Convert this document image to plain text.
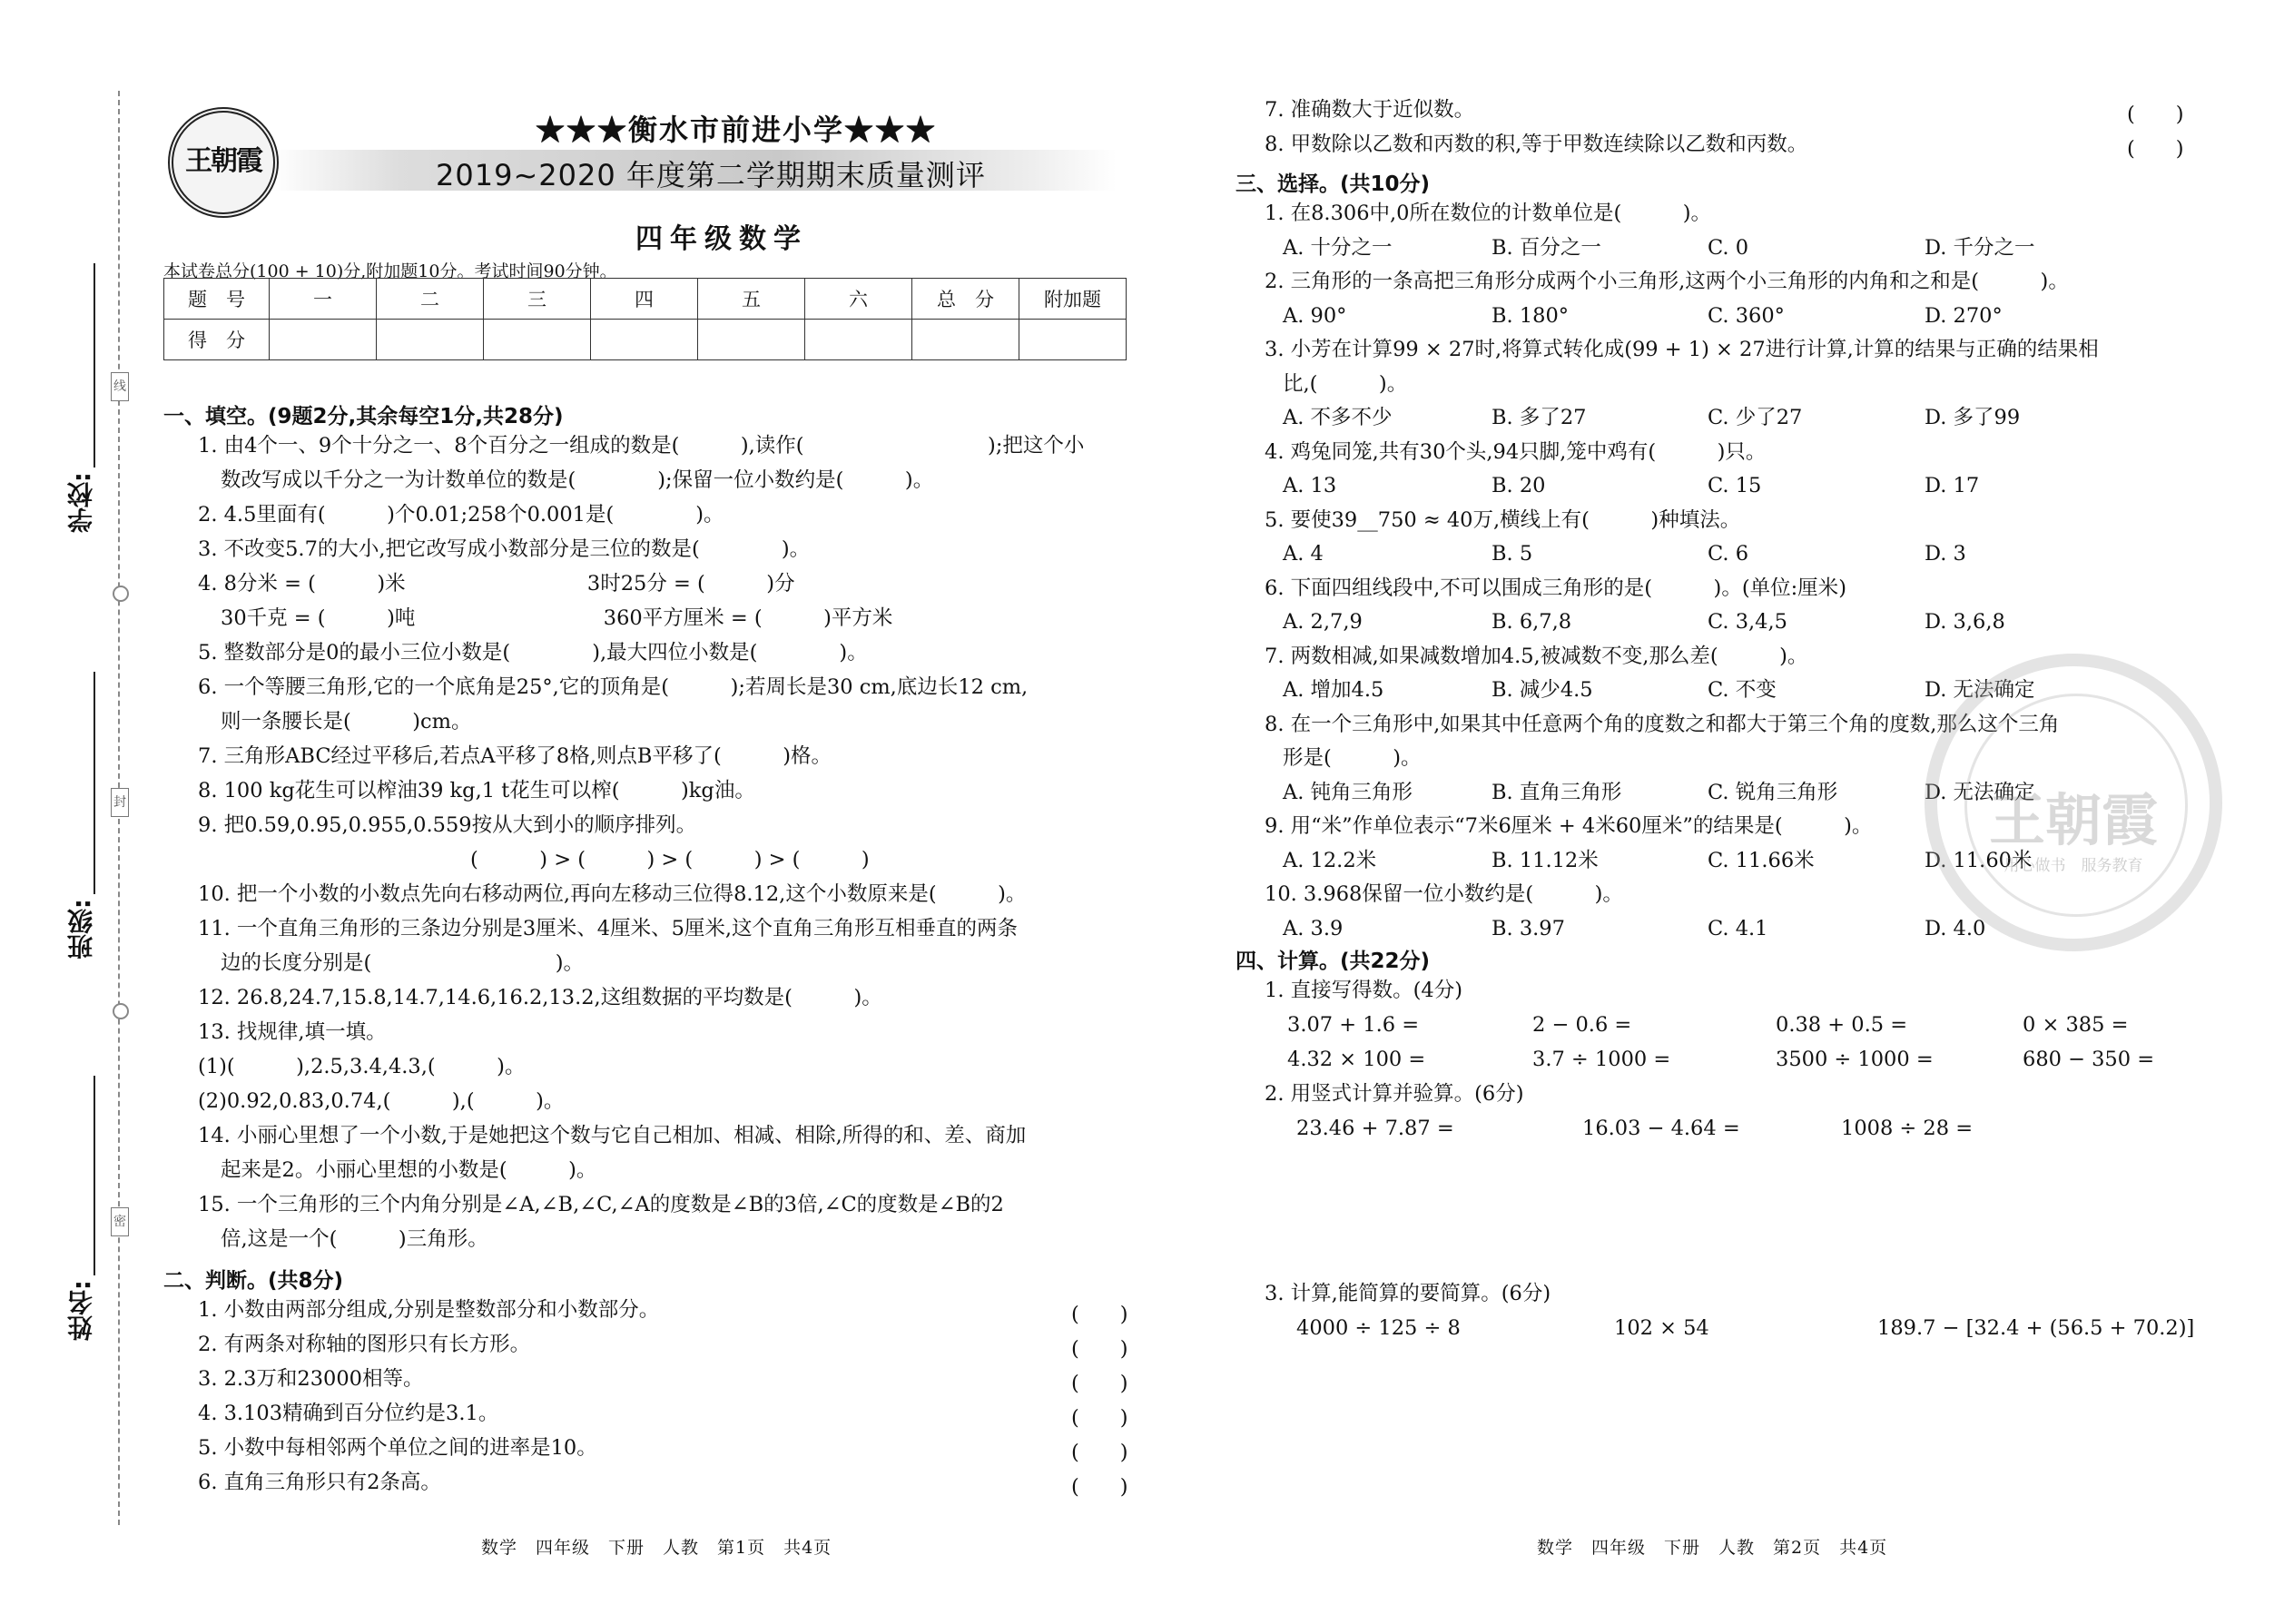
线
封
密
学校:
班级:
姓名:
王朝霞
★★★衡水市前进小学★★★
2019~2020 年度第二学期期末质量测评
四年级数学
本试卷总分(100 + 10)分,附加题10分。考试时间90分钟。
题　号	一	二	三	四	五	六	总　分	附加题
得　分								
一、填空。(9题2分,其余每空1分,共28分)
1. 由4个一、9个十分之一、8个百分之一组成的数是(　　　),读作(　　　　　　　　　);把这个小
数改写成以千分之一为计数单位的数是(　　　　);保留一位小数约是(　　　)。
2. 4.5里面有(　　　)个0.01;258个0.001是(　　　　)。
3. 不改变5.7的大小,把它改写成小数部分是三位的数是(　　　　)。
4. 8分米 = (　　　)米                            3时25分 = (　　　)分
30千克 = (　　　)吨                             360平方厘米 = (　　　)平方米
5. 整数部分是0的最小三位小数是(　　　　),最大四位小数是(　　　　)。
6. 一个等腰三角形,它的一个底角是25°,它的顶角是(　　　);若周长是30 cm,底边长12 cm,
则一条腰长是(　　　)cm。
7. 三角形ABC经过平移后,若点A平移了8格,则点B平移了(　　　)格。
8. 100 kg花生可以榨油39 kg,1 t花生可以榨(　　　)kg油。
9. 把0.59,0.95,0.955,0.559按从大到小的顺序排列。
(　　　) > (　　　) > (　　　) > (　　　)
10. 把一个小数的小数点先向右移动两位,再向左移动三位得8.12,这个小数原来是(　　　)。
11. 一个直角三角形的三条边分别是3厘米、4厘米、5厘米,这个直角三角形互相垂直的两条
边的长度分别是(　　　　　　　　　)。
12. 26.8,24.7,15.8,14.7,14.6,16.2,13.2,这组数据的平均数是(　　　)。
13. 找规律,填一填。
(1)(　　　),2.5,3.4,4.3,(　　　)。
(2)0.92,0.83,0.74,(　　　),(　　　)。
14. 小丽心里想了一个小数,于是她把这个数与它自己相加、相减、相除,所得的和、差、商加
起来是2。小丽心里想的小数是(　　　)。
15. 一个三角形的三个内角分别是∠A,∠B,∠C,∠A的度数是∠B的3倍,∠C的度数是∠B的2
倍,这是一个(　　　)三角形。
二、判断。(共8分)
1. 小数由两部分组成,分别是整数部分和小数部分。	(　　)
2. 有两条对称轴的图形只有长方形。	(　　)
3. 2.3万和23000相等。	(　　)
4. 3.103精确到百分位约是3.1。	(　　)
5. 小数中每相邻两个单位之间的进率是10。	(　　)
6. 直角三角形只有2条高。	(　　)
数学　四年级　下册　人教　第1页　共4页
7. 准确数大于近似数。	(　　)
8. 甲数除以乙数和丙数的积,等于甲数连续除以乙数和丙数。	(　　)
三、选择。(共10分)
1. 在8.306中,0所在数位的计数单位是(　　　)。
A. 十分之一	B. 百分之一	C. 0	D. 千分之一
2. 三角形的一条高把三角形分成两个小三角形,这两个小三角形的内角和之和是(　　　)。
A. 90°	B. 180°	C. 360°	D. 270°
3. 小芳在计算99 × 27时,将算式转化成(99 + 1) × 27进行计算,计算的结果与正确的结果相
比,(　　　)。
A. 不多不少	B. 多了27	C. 少了27	D. 多了99
4. 鸡兔同笼,共有30个头,94只脚,笼中鸡有(　　　)只。
A. 13	B. 20	C. 15	D. 17
5. 要使39__750 ≈ 40万,横线上有(　　　)种填法。
A. 4	B. 5	C. 6	D. 3
6. 下面四组线段中,不可以围成三角形的是(　　　)。(单位:厘米)
A. 2,7,9	B. 6,7,8	C. 3,4,5	D. 3,6,8
7. 两数相减,如果减数增加4.5,被减数不变,那么差(　　　)。
A. 增加4.5	B. 减少4.5	C. 不变	D. 无法确定
8. 在一个三角形中,如果其中任意两个角的度数之和都大于第三个角的度数,那么这个三角
形是(　　　)。
A. 钝角三角形	B. 直角三角形	C. 锐角三角形	D. 无法确定
9. 用“米”作单位表示“7米6厘米 + 4米60厘米”的结果是(　　　)。
A. 12.2米	B. 11.12米	C. 11.66米	D. 11.60米
10. 3.968保留一位小数约是(　　　)。
A. 3.9	B. 3.97	C. 4.1	D. 4.0
四、计算。(共22分)
1. 直接写得数。(4分)
3.07 + 1.6 =	2 − 0.6 =	0.38 + 0.5 =	0 × 385 =
4.32 × 100 =	3.7 ÷ 1000 =	3500 ÷ 1000 =	680 − 350 =
2. 用竖式计算并验算。(6分)
23.46 + 7.87 =	16.03 − 4.64 =	1008 ÷ 28 =
3. 计算,能简算的要简算。(6分)
4000 ÷ 125 ÷ 8	102 × 54	189.7 − [32.4 + (56.5 + 70.2)]
数学　四年级　下册　人教　第2页　共4页
王朝霞
用心做书　服务教育
